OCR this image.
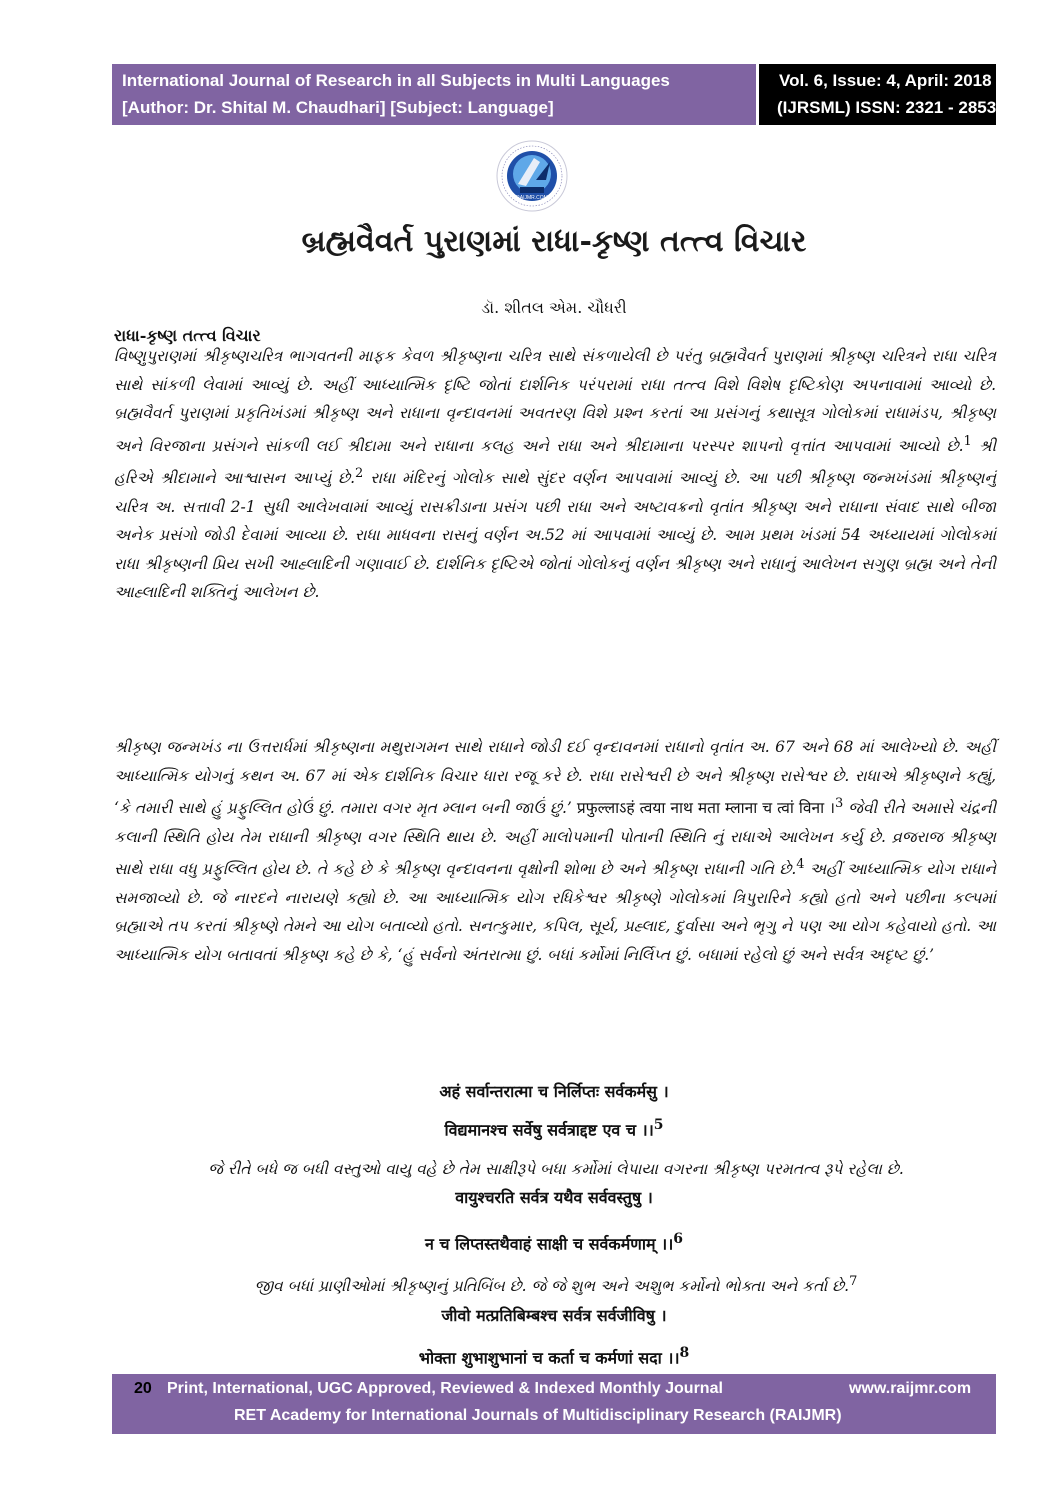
International Journal of Research in all Subjects in Multi Languages
[Author: Dr. Shital M. Chaudhari] [Subject: Language]
Vol. 6, Issue: 4, April: 2018
(IJRSML) ISSN: 2321 - 2853
RAIJMR.COM
બ્રહ્મવૈવર્ત પુરાણમાં રાધા-કૃષ્ણ તત્ત્વ વિચાર
ડૉ. શીતલ એમ. ચૌધરી
રાધા-કૃષ્ણ તત્ત્વ વિચાર
વિષ્ણુપુરાણમાં શ્રીકૃષ્ણચરિત્ર ભાગવતની માફક કેવળ શ્રીકૃષ્ણના ચરિત્ર સાથે સંકળાયેલી છે પરંતુ બ્રહ્મવૈવર્ત પુરાણમાં શ્રીકૃષ્ણ ચરિત્રને રાધા ચરિત્ર સાથે સાંકળી લેવામાં આવ્યું છે. અહીં આધ્યાત્મિક દૃષ્ટિ જોતાં દાર્શનિક પરંપરામાં રાધા તત્ત્વ વિશે વિશેષ દૃષ્ટિકોણ અપનાવામાં આવ્યો છે. બ્રહ્મવૈવર્ત પુરાણમાં પ્રકૃતિખંડમાં શ્રીકૃષ્ણ અને રાધાના વૃન્દાવનમાં અવતરણ વિશે પ્રશ્ન કરતાં આ પ્રસંગનું કથાસૂત્ર ગોલોકમાં રાધામંડપ, શ્રીકૃષ્ણ અને વિરજાના પ્રસંગને સાંકળી લઈ શ્રીદામા અને રાધાના કલહ અને રાધા અને શ્રીદામાના પરસ્પર શાપનો વૃત્તાંત આપવામાં આવ્યો છે.$^1$ શ્રી હરિએ શ્રીદામાને આશ્વાસન આપ્યું છે.$^2$ રાધા મંદિરનું ગોલોક સાથે સુંદર વર્ણન આપવામાં આવ્યું છે. આ પછી શ્રીકૃષ્ણ જન્મખંડમાં શ્રીકૃષ્ણનું ચરિત્ર અ. સત્તાવી 2-1 સુધી આલેખવામાં આવ્યું રાસક્રીડાના પ્રસંગ પછી રાધા અને અષ્ટાવક્રનો વૃતાંત શ્રીકૃષ્ણ અને રાધાના સંવાદ સાથે બીજા અનેક પ્રસંગો જોડી દેવામાં આવ્યા છે. રાધા માધવના રાસનું વર્ણન અ.52 માં આપવામાં આવ્યું છે. આમ પ્રથમ ખંડમાં 54 અધ્યાયમાં ગોલોકમાં રાધા શ્રીકૃષ્ણની પ્રિય સખી આહ્લાદિની ગણાવાઈ છે. દાર્શનિક દૃષ્ટિએ જોતાં ગોલોકનું વર્ણન શ્રીકૃષ્ણ અને રાધાનું આલેખન સગુણ બ્રહ્મ અને તેની આહ્લાદિની શક્તિનું આલેખન છે.
શ્રીકૃષ્ણ જન્મખંડ ના ઉત્તરાર્ધમાં શ્રીકૃષ્ણના મથુરાગમન સાથે રાધાને જોડી દઈ વૃન્દાવનમાં રાધાનો વૃતાંત અ. 67 અને 68 માં આલેખ્યો છે. અહીં આધ્યાત્મિક યોગનું કથન અ. 67 માં એક દાર્શનિક વિચાર ધારા રજૂ કરે છે. રાધા રાસેશ્વરી છે અને શ્રીકૃષ્ણ રાસેશ્વર છે. રાધાએ શ્રીકૃષ્ણને કહ્યું, ‘કે તમારી સાથે હું પ્રફુલ્લિત હોઉં છું. તમારા વગર મૃત મ્લાન બની જાઉં છું.’ प्रफुल्लाऽहं त्वया नाथ मता म्लाना च त्वां विना ।$^3$ જેવી રીતે અમાસે ચંદ્રની કલાની સ્થિતિ હોય તેમ રાધાની શ્રીકૃષ્ણ વગર સ્થિતિ થાય છે. અહીં માલોપમાની પોતાની સ્થિતિ નું રાધાએ આલેખન કર્યુ છે. વ્રજરાજ શ્રીકૃષ્ણ સાથે રાધા વધુ પ્રફુલ્લિત હોય છે. તે કહે છે કે શ્રીકૃષ્ણ વૃન્દાવનના વૃક્ષોની શોભા છે અને શ્રીકૃષ્ણ રાધાની ગતિ છે.$^4$ અહીં આધ્યાત્મિક યોગ રાધાને સમજાવ્યો છે. જે નારદને નારાયણે કહ્યો છે. આ આધ્યાત્મિક યોગ રધિકેશ્વર શ્રીકૃષ્ણે ગોલોકમાં ત્રિપુરારિને કહ્યો હતો અને પછીના કલ્પમાં બ્રહ્માએ તપ કરતાં શ્રીકૃષ્ણે તેમને આ યોગ બતાવ્યો હતો. સનત્કુમાર, કપિલ, સૂર્ય, પ્રહ્લાદ, દુર્વાસા અને ભૃગુ ને પણ આ યોગ કહેવાયો હતો. આ આધ્યાત્મિક યોગ બતાવતાં શ્રીકૃષ્ણ કહે છે કે, ‘હું સર્વનો અંતરાત્મા છું. બધાં કર્મોમાં નિર્લિપ્ત છું. બધામાં રહેલો છું અને સર્વત્ર અદૃષ્ટ છું.’
अहं सर्वान्तरात्मा च निर्लिप्तः सर्वकर्मसु ।
विद्यमानश्च सर्वेषु सर्वत्राद्दष्ट एव च ।।$^5$
જે રીતે બધે જ બધી વસ્તુઓ વાયુ વહે છે તેમ સાક્ષીરૂપે બધા કર્મોમાં લેપાયા વગરના શ્રીકૃષ્ણ પરમતત્વ રૂપે રહેલા છે.
वायुश्चरति सर्वत्र यथैव सर्ववस्तुषु ।
न च लिप्तस्तथैवाहं साक्षी च सर्वकर्मणाम् ।।$^6$
જીવ બધાં પ્રાણીઓમાં શ્રીકૃષ્ણનું પ્રતિબિંબ છે. જે જે શુભ અને અશુભ કર્મોનો ભોક્તા અને કર્તા છે.$^7$
जीवो मत्प्रतिबिम्बश्च सर्वत्र सर्वजीविषु ।
भोक्ता शुभाशुभानां च कर्ता च कर्मणां सदा ।।$^8$
20 Print, International, UGC Approved, Reviewed & Indexed Monthly Journal	www.raijmr.com
RET Academy for International Journals of Multidisciplinary Research (RAIJMR)
